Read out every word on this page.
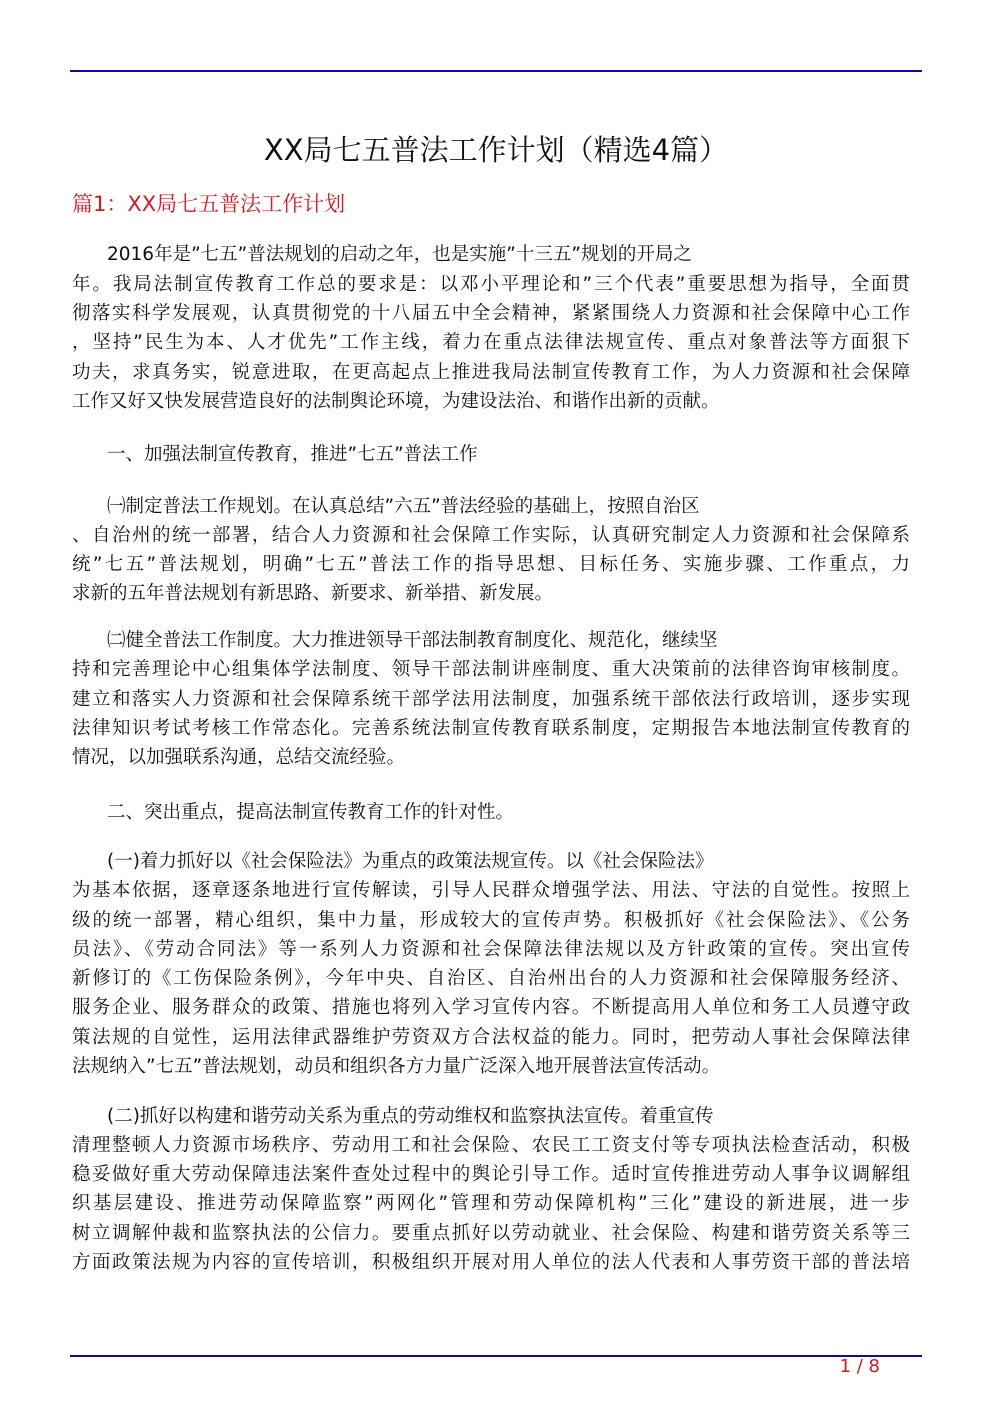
XX局七五普法工作计划（精选4篇）
篇1：XX局七五普法工作计划
2016年是”七五”普法规划的启动之年，也是实施”十三五”规划的开局之
年。我局法制宣传教育工作总的要求是：以邓小平理论和”三个代表”重要思想为指导，全面贯
彻落实科学发展观，认真贯彻党的十八届五中全会精神，紧紧围绕人力资源和社会保障中心工作
，坚持”民生为本、人才优先”工作主线，着力在重点法律法规宣传、重点对象普法等方面狠下
功夫，求真务实，锐意进取，在更高起点上推进我局法制宣传教育工作，为人力资源和社会保障
工作又好又快发展营造良好的法制舆论环境，为建设法治、和谐作出新的贡献。
一、加强法制宣传教育，推进”七五”普法工作
㈠制定普法工作规划。在认真总结”六五”普法经验的基础上，按照自治区
、自治州的统一部署，结合人力资源和社会保障工作实际，认真研究制定人力资源和社会保障系
统”七五”普法规划，明确”七五”普法工作的指导思想、目标任务、实施步骤、工作重点，力
求新的五年普法规划有新思路、新要求、新举措、新发展。
㈡健全普法工作制度。大力推进领导干部法制教育制度化、规范化，继续坚
持和完善理论中心组集体学法制度、领导干部法制讲座制度、重大决策前的法律咨询审核制度。
建立和落实人力资源和社会保障系统干部学法用法制度，加强系统干部依法行政培训，逐步实现
法律知识考试考核工作常态化。完善系统法制宣传教育联系制度，定期报告本地法制宣传教育的
情况，以加强联系沟通，总结交流经验。
二、突出重点，提高法制宣传教育工作的针对性。
(一)着力抓好以《社会保险法》为重点的政策法规宣传。以《社会保险法》
为基本依据，逐章逐条地进行宣传解读，引导人民群众增强学法、用法、守法的自觉性。按照上
级的统一部署，精心组织，集中力量，形成较大的宣传声势。积极抓好《社会保险法》、《公务
员法》、《劳动合同法》等一系列人力资源和社会保障法律法规以及方针政策的宣传。突出宣传
新修订的《工伤保险条例》，今年中央、自治区、自治州出台的人力资源和社会保障服务经济、
服务企业、服务群众的政策、措施也将列入学习宣传内容。不断提高用人单位和务工人员遵守政
策法规的自觉性，运用法律武器维护劳资双方合法权益的能力。同时，把劳动人事社会保障法律
法规纳入”七五”普法规划，动员和组织各方力量广泛深入地开展普法宣传活动。
(二)抓好以构建和谐劳动关系为重点的劳动维权和监察执法宣传。着重宣传
清理整顿人力资源市场秩序、劳动用工和社会保险、农民工工资支付等专项执法检查活动，积极
稳妥做好重大劳动保障违法案件查处过程中的舆论引导工作。适时宣传推进劳动人事争议调解组
织基层建设、推进劳动保障监察”两网化”管理和劳动保障机构”三化”建设的新进展，进一步
树立调解仲裁和监察执法的公信力。要重点抓好以劳动就业、社会保险、构建和谐劳资关系等三
方面政策法规为内容的宣传培训，积极组织开展对用人单位的法人代表和人事劳资干部的普法培
1 / 8
